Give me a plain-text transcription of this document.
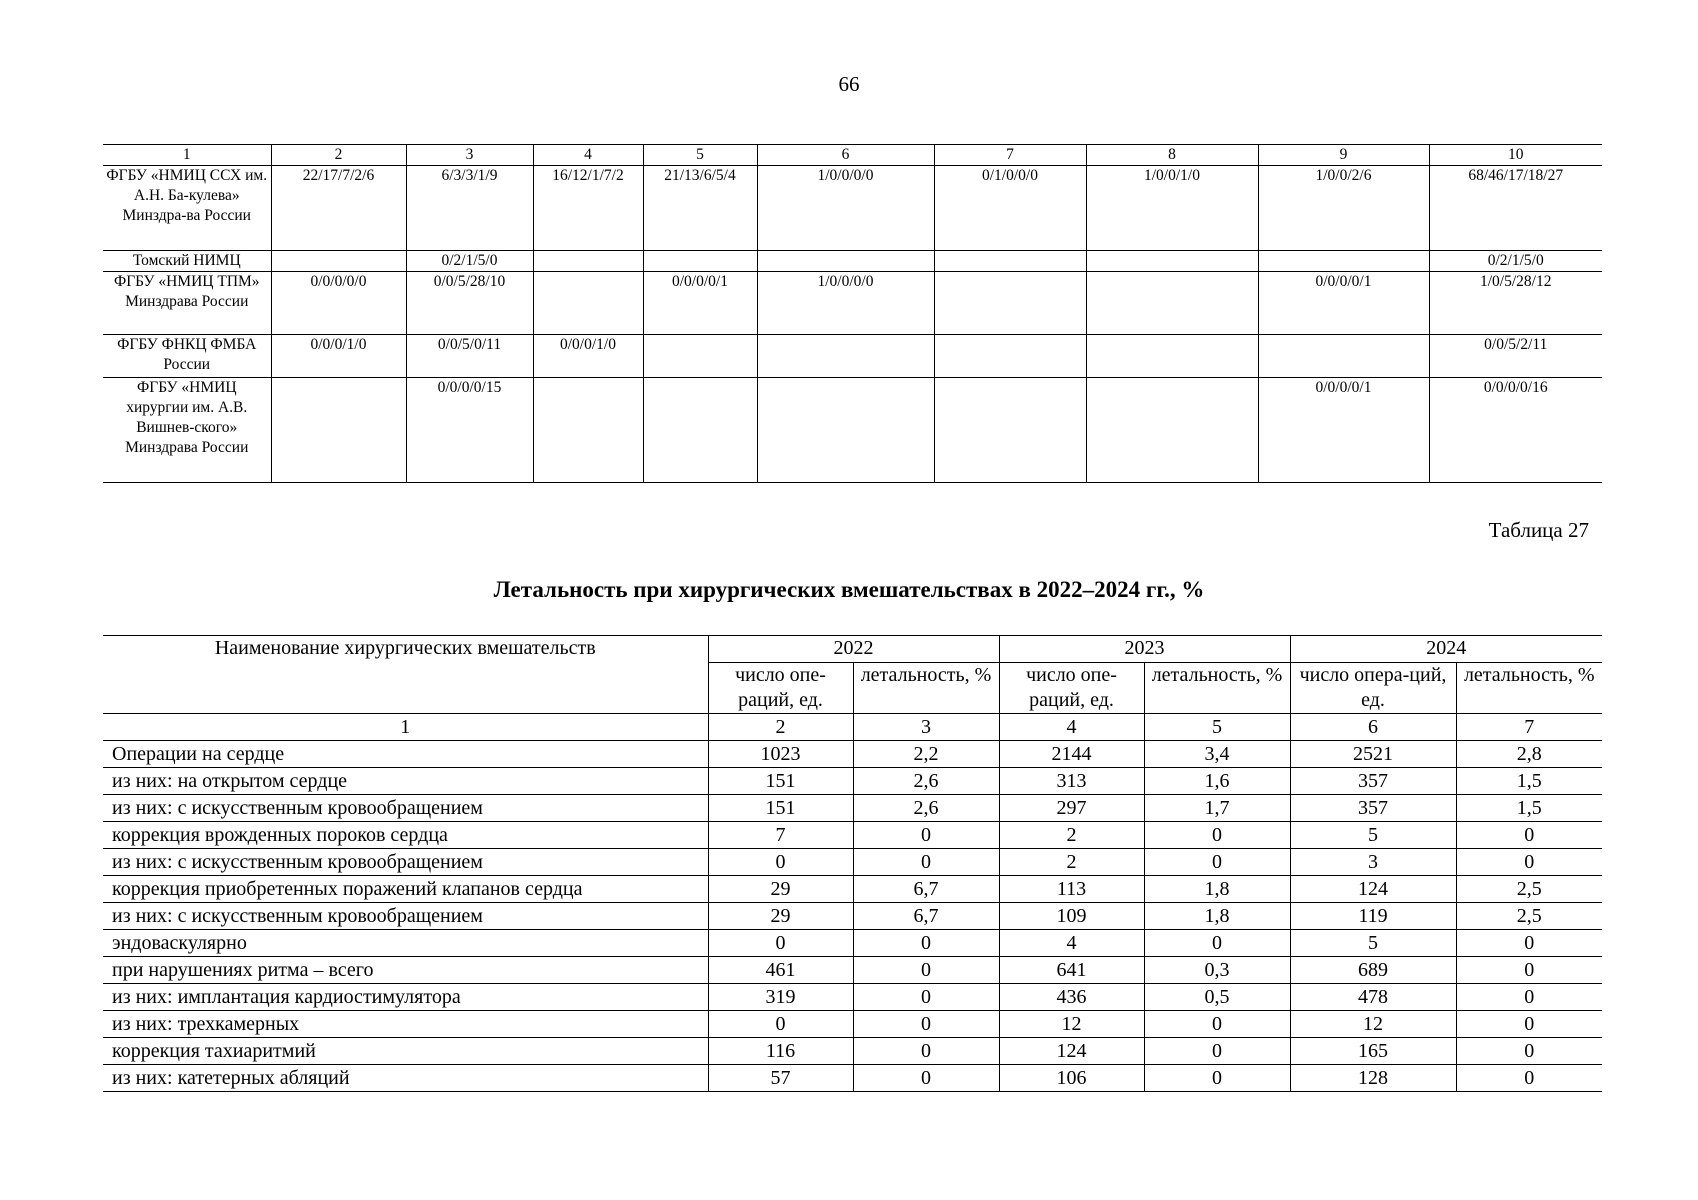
66
1	2	3	4	5	6	7	8	9	10
ФГБУ «НМИЦ ССХ им. А.Н. Ба-кулева» Минздра-ва России	22/17/7/2/6	6/3/3/1/9	16/12/1/7/2	21/13/6/5/4	1/0/0/0/0	0/1/0/0/0	1/0/0/1/0	1/0/0/2/6	68/46/17/18/27
Томский НИМЦ		0/2/1/5/0							0/2/1/5/0
ФГБУ «НМИЦ ТПМ» Минздрава России	0/0/0/0/0	0/0/5/28/10		0/0/0/0/1	1/0/0/0/0			0/0/0/0/1	1/0/5/28/12
ФГБУ ФНКЦ ФМБА России	0/0/0/1/0	0/0/5/0/11	0/0/0/1/0						0/0/5/2/11
ФГБУ «НМИЦ хирургии им. А.В. Вишнев-ского» Минздрава России		0/0/0/0/15						0/0/0/0/1	0/0/0/0/16
Таблица 27
Летальность при хирургических вмешательствах в 2022–2024 гг., %
Наименование хирургических вмешательств	2022		2023		2024	
	число опе-раций, ед.	летальность, %	число опе-раций, ед.	летальность, %	число опера-ций, ед.	летальность, %
1	2	3	4	5	6	7
Операции на сердце	1023	2,2	2144	3,4	2521	2,8
из них: на открытом сердце	151	2,6	313	1,6	357	1,5
из них: с искусственным кровообращением	151	2,6	297	1,7	357	1,5
коррекция врожденных пороков сердца	7	0	2	0	5	0
из них: с искусственным кровообращением	0	0	2	0	3	0
коррекция приобретенных поражений клапанов сердца	29	6,7	113	1,8	124	2,5
из них: с искусственным кровообращением	29	6,7	109	1,8	119	2,5
эндоваскулярно	0	0	4	0	5	0
при нарушениях ритма – всего	461	0	641	0,3	689	0
из них: имплантация кардиостимулятора	319	0	436	0,5	478	0
из них: трехкамерных	0	0	12	0	12	0
коррекция тахиаритмий	116	0	124	0	165	0
из них: катетерных абляций	57	0	106	0	128	0
